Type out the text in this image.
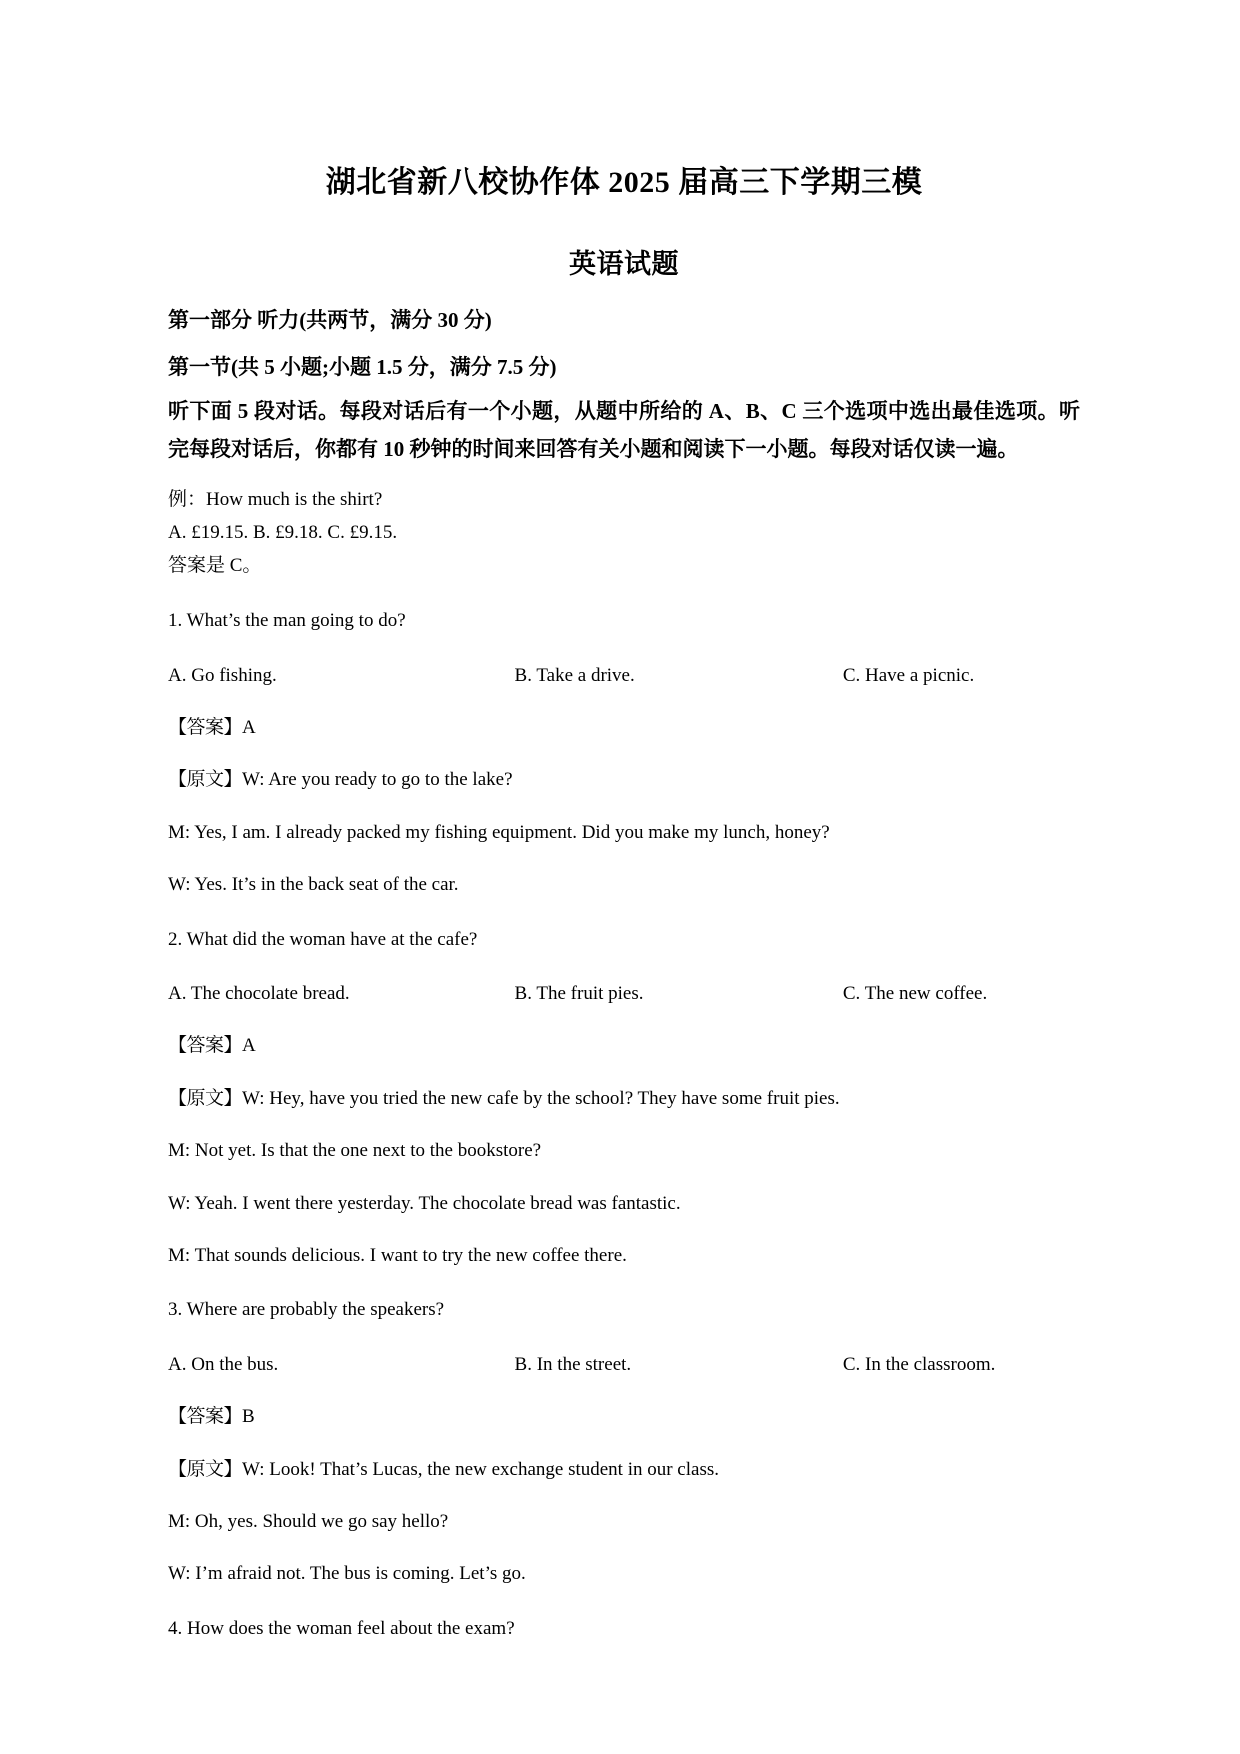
湖北省新八校协作体 2025 届高三下学期三模
英语试题

第一部分 听力(共两节，满分 30 分)

第一节(共 5 小题;小题 1.5 分，满分 7.5 分)

听下面 5 段对话。每段对话后有一个小题，从题中所给的 A、B、C 三个选项中选出最佳选项。听完每段对话后，你都有 10 秒钟的时间来回答有关小题和阅读下一小题。每段对话仅读一遍。

例：How much is the shirt?

A. £19.15. B. £9.18. C. £9.15.

答案是 C。

1. What’s the man going to do?

A. Go fishing.	B. Take a drive.	C. Have a picnic.

【答案】A

【原文】W: Are you ready to go to the lake?

M: Yes, I am. I already packed my fishing equipment. Did you make my lunch, honey?

W: Yes. It’s in the back seat of the car.

2. What did the woman have at the cafe?

A. The chocolate bread.	B. The fruit pies.	C. The new coffee.

【答案】A

【原文】W: Hey, have you tried the new cafe by the school? They have some fruit pies.

M: Not yet. Is that the one next to the bookstore?

W: Yeah. I went there yesterday. The chocolate bread was fantastic.

M: That sounds delicious. I want to try the new coffee there.

3. Where are probably the speakers?

A. On the bus.	B. In the street.	C. In the classroom.

【答案】B

【原文】W: Look! That’s Lucas, the new exchange student in our class.

M: Oh, yes. Should we go say hello?

W: I’m afraid not. The bus is coming. Let’s go.

4. How does the woman feel about the exam?
